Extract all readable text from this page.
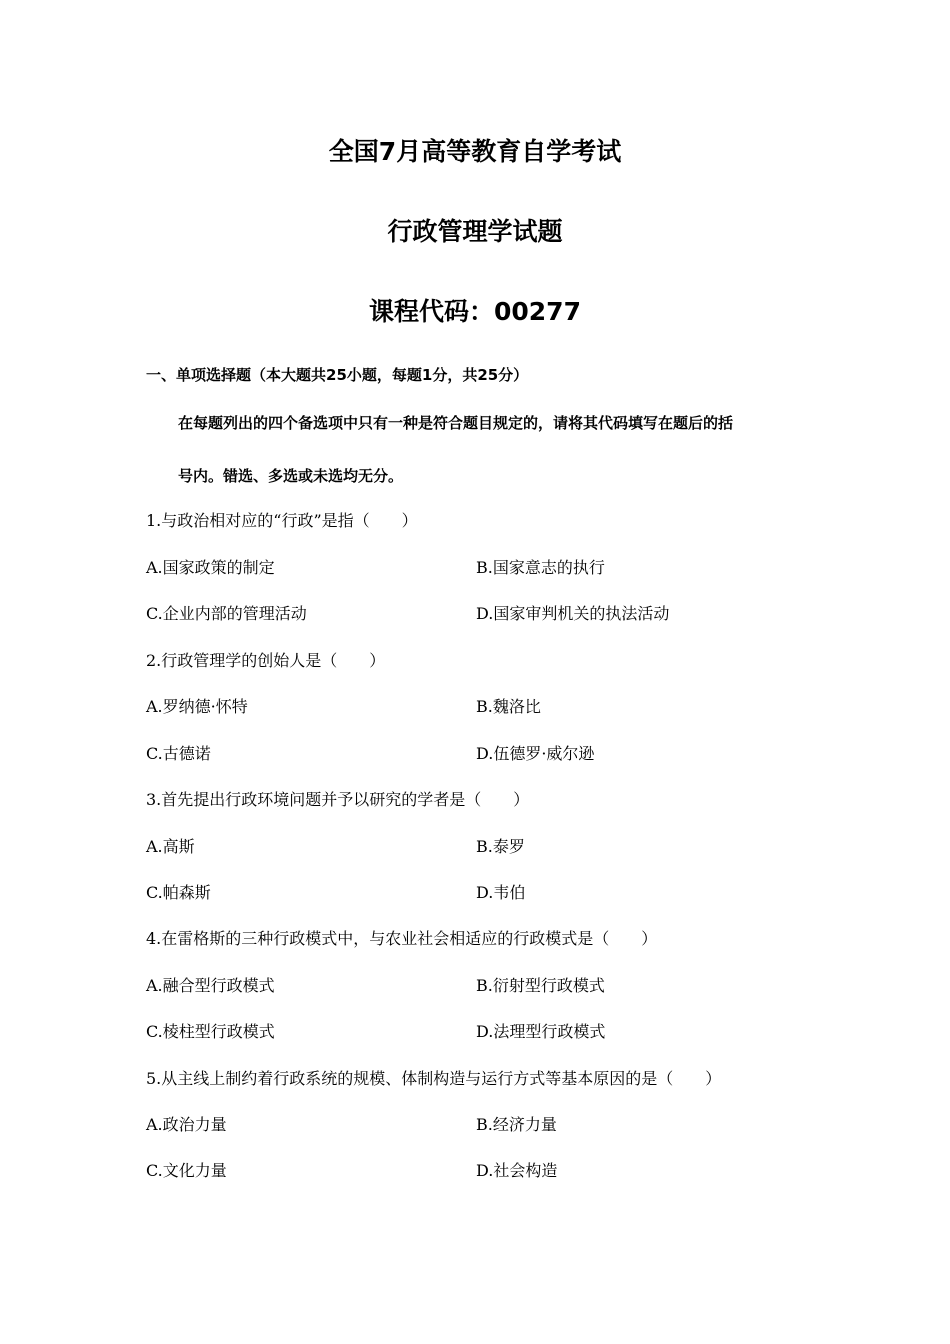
全国7月高等教育自学考试
行政管理学试题
课程代码：00277
一、单项选择题（本大题共25小题，每题1分，共25分）
在每题列出的四个备选项中只有一种是符合题目规定的，请将其代码填写在题后的括
号内。错选、多选或未选均无分。
1.与政治相对应的“行政”是指（　　）
A.国家政策的制定	B.国家意志的执行
C.企业内部的管理活动	D.国家审判机关的执法活动
2.行政管理学的创始人是（　　）
A.罗纳德·怀特	B.魏洛比
C.古德诺	D.伍德罗·威尔逊
3.首先提出行政环境问题并予以研究的学者是（　　）
A.高斯	B.泰罗
C.帕森斯	D.韦伯
4.在雷格斯的三种行政模式中，与农业社会相适应的行政模式是（　　）
A.融合型行政模式	B.衍射型行政模式
C.棱柱型行政模式	D.法理型行政模式
5.从主线上制约着行政系统的规模、体制构造与运行方式等基本原因的是（　　）
A.政治力量	B.经济力量
C.文化力量	D.社会构造
